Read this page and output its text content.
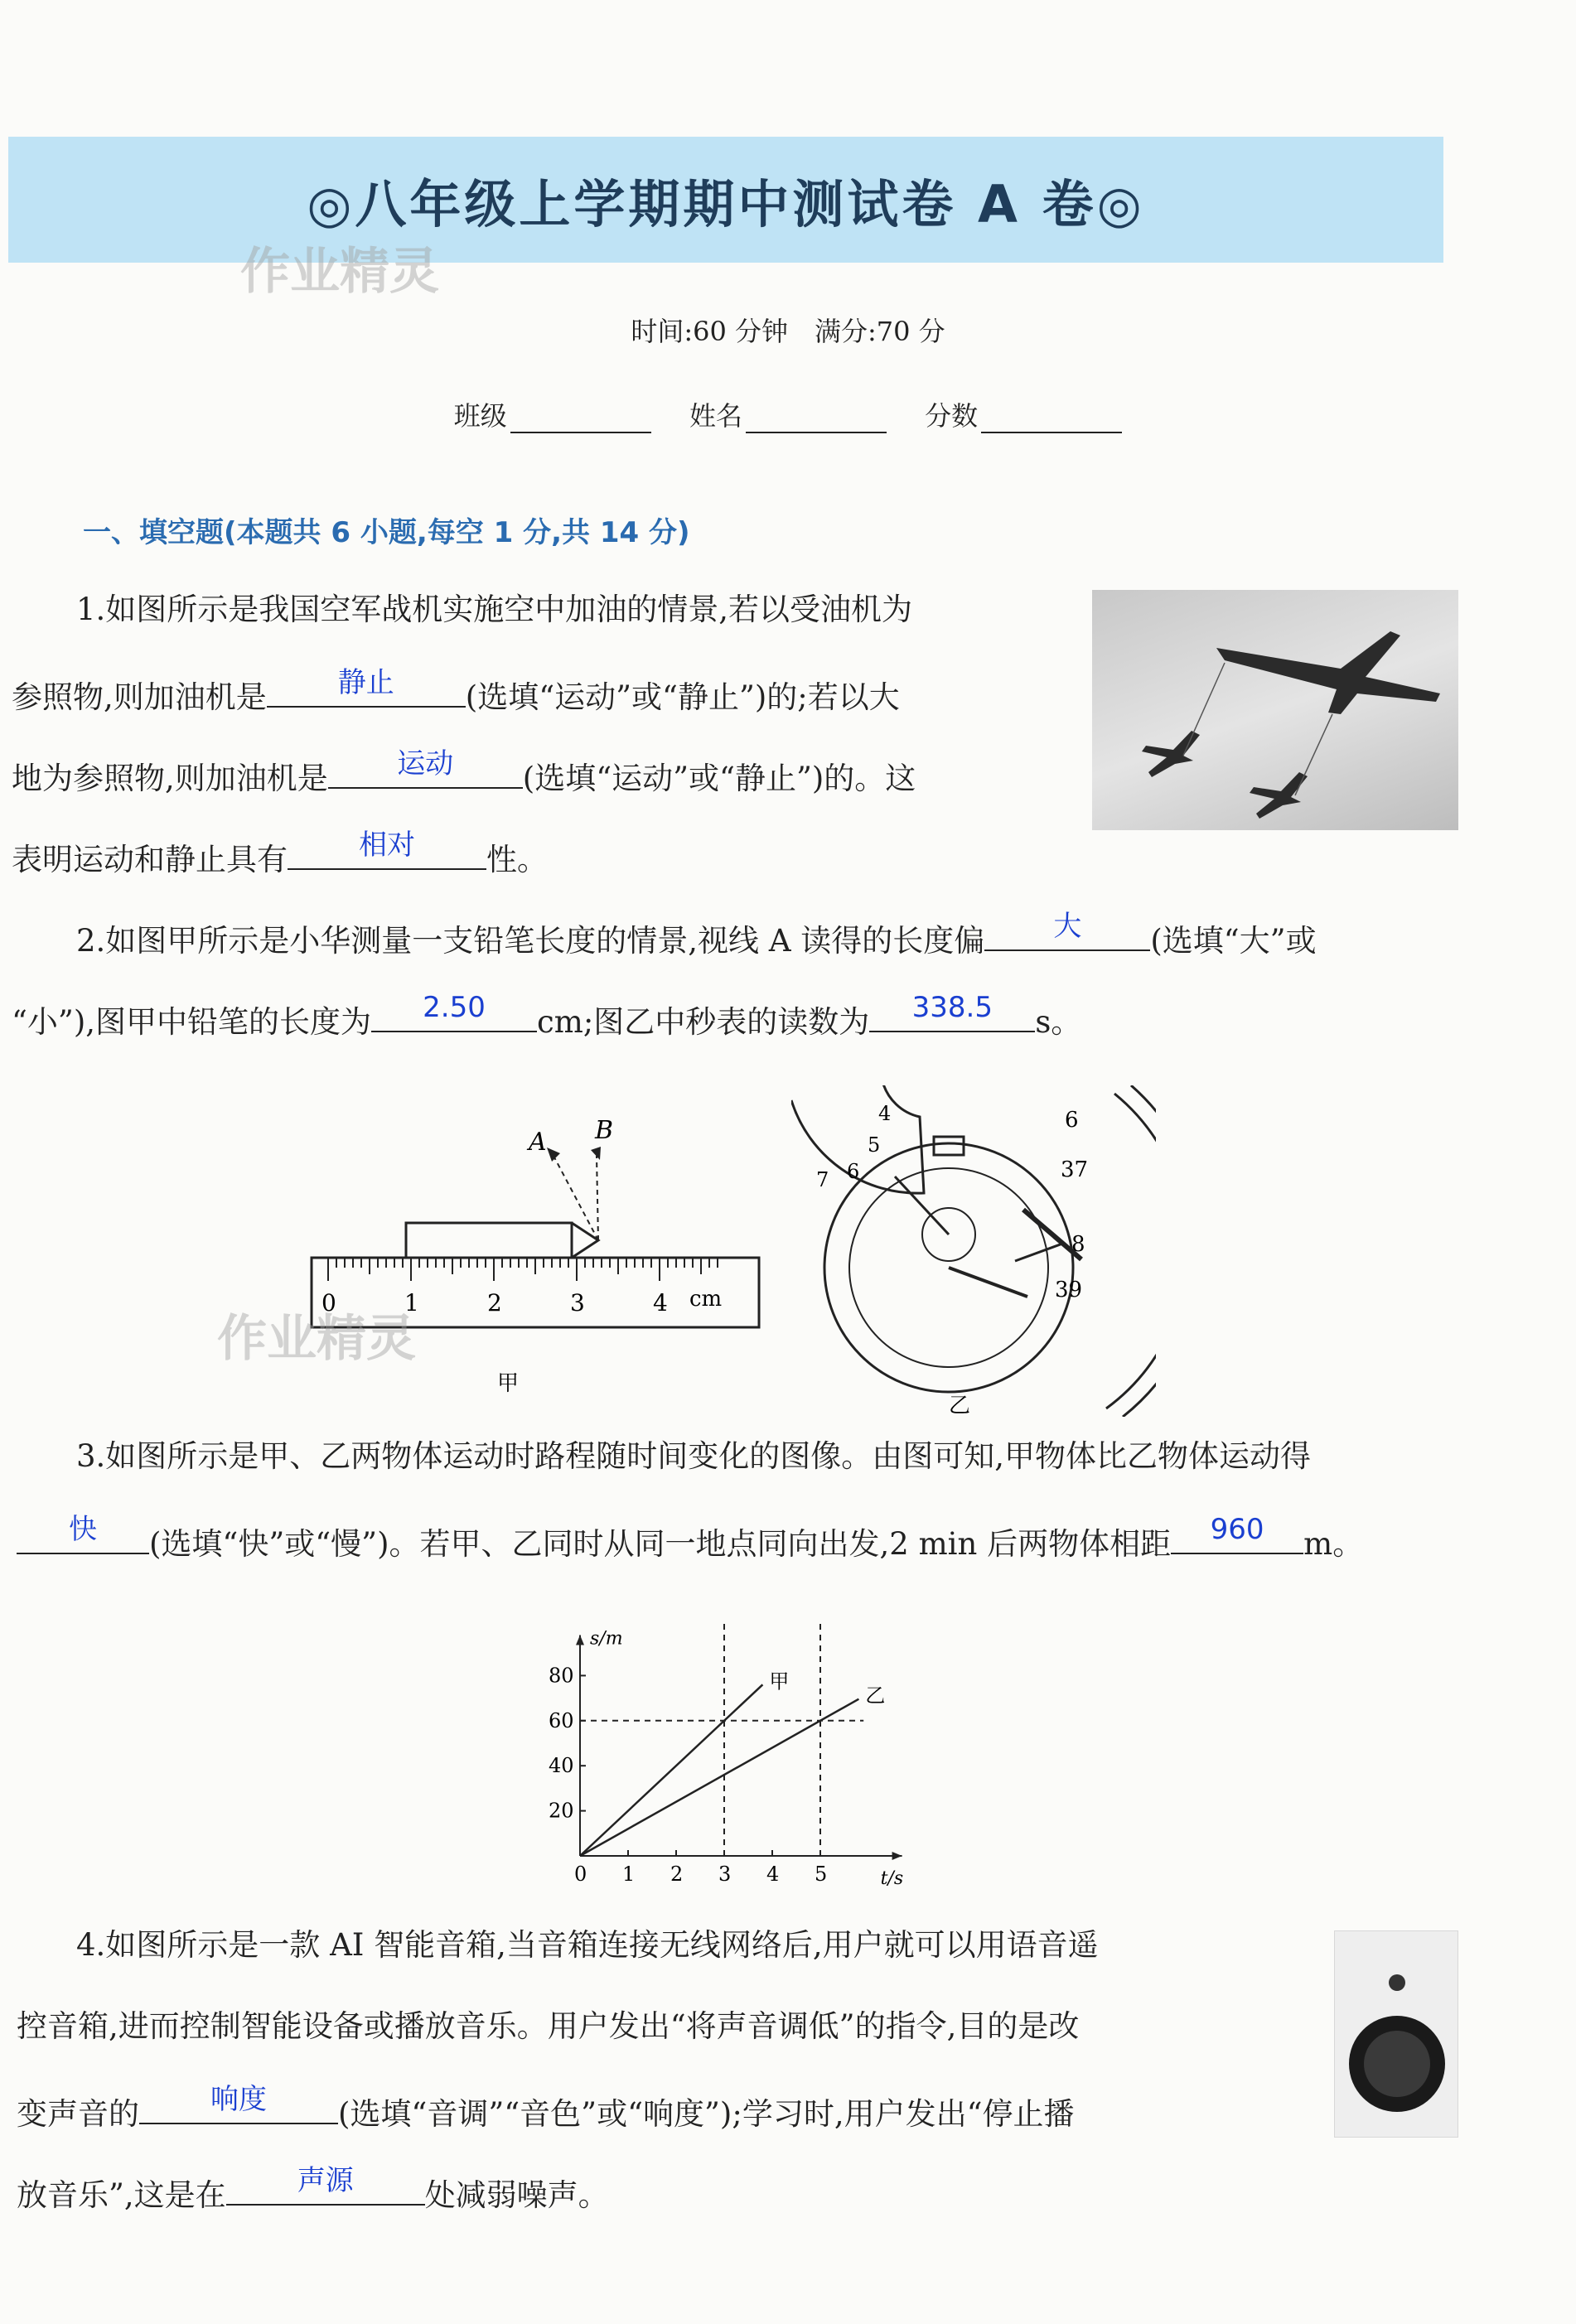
◎八年级上学期期中测试卷 A 卷◎
作业精灵
时间:60 分钟　满分:70 分
班级	姓名	分数
一、填空题(本题共 6 小题,每空 1 分,共 14 分)
1.如图所示是我国空军战机实施空中加油的情景,若以受油机为
参照物,则加油机是	静止	(选填“运动”或“静止”)的;若以大
地为参照物,则加油机是	运动	(选填“运动”或“静止”)的。这
表明运动和静止具有	相对	性。
2.如图甲所示是小华测量一支铅笔长度的情景,视线 A 读得的长度偏	大	(选填“大”或
“小”),图甲中铅笔的长度为	2.50	cm;图乙中秒表的读数为	338.5	s。
A B
0	1	2	3	4 cm
甲
作业精灵
4
5
6
7
6
37
8
39
乙
3.如图所示是甲、乙两物体运动时路程随时间变化的图像。由图可知,甲物体比乙物体运动得
快	(选填“快”或“慢”)。若甲、乙同时从同一地点同向出发,2 min 后两物体相距	960	m。
s/m
t/s
0 1 2 3 4 5
20
40
60
80	甲
乙
4.如图所示是一款 AI 智能音箱,当音箱连接无线网络后,用户就可以用语音遥
控音箱,进而控制智能设备或播放音乐。用户发出“将声音调低”的指令,目的是改
变声音的	响度	(选填“音调”“音色”或“响度”);学习时,用户发出“停止播
放音乐”,这是在	声源	处减弱噪声。
